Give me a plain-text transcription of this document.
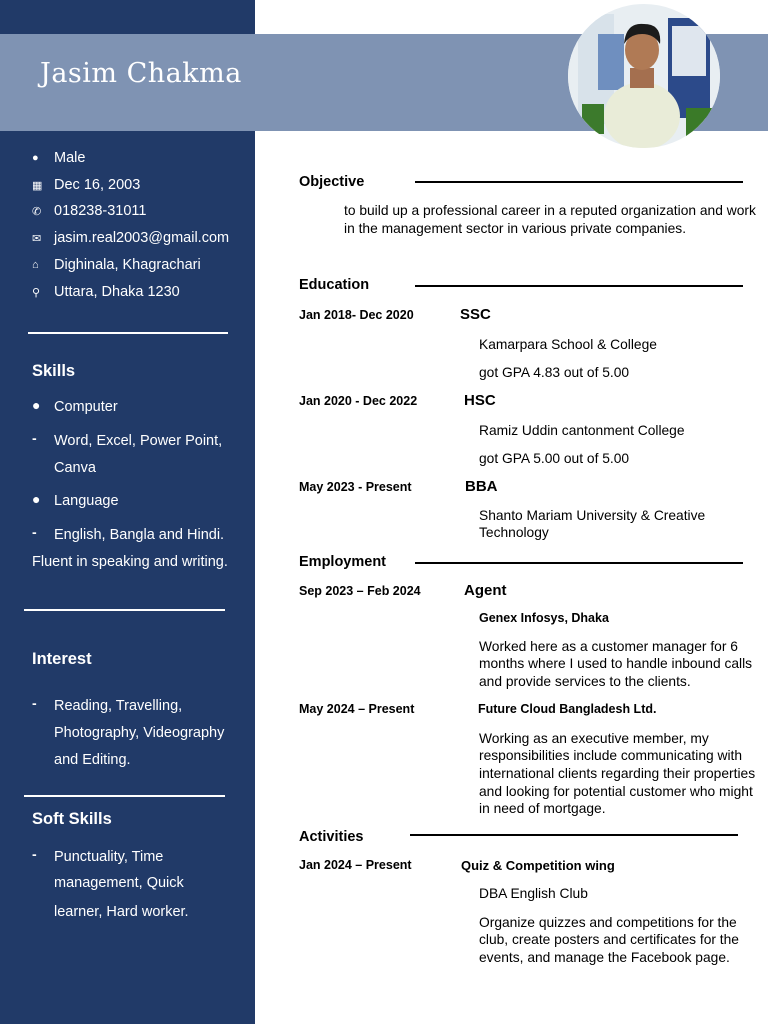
Jasim Chakma
●	Male
▦ Dec 16, 2003
✆ 018238-31011
✉ jasim.real2003@gmail.com
⌂	Dighinala, Khagrachari
⚲ Uttara, Dhaka 1230
Skills
● Computer
- Word, Excel, Power Point,
Canva
● Language
- English, Bangla and Hindi.
Fluent in speaking and writing.
Interest
- Reading, Travelling,
Photography, Videography
and Editing.
Soft Skills
- Punctuality, Time
management, Quick
learner, Hard worker.
Objective
to build up a professional career in a reputed organization and work
in the management sector in various private companies.
Education
Jan 2018- Dec 2020	SSC
Kamarpara School & College
got GPA 4.83 out of 5.00
Jan 2020 - Dec 2022	HSC
Ramiz Uddin cantonment College
got GPA 5.00 out of 5.00
May 2023 - Present	BBA
Shanto Mariam University & Creative
Technology
Employment
Sep 2023 – Feb 2024	Agent
Genex Infosys, Dhaka
Worked here as a customer manager for 6
months where I used to handle inbound calls
and provide services to the clients.
May 2024 – Present	Future Cloud Bangladesh Ltd.
Working as an executive member, my
responsibilities include communicating with
international clients regarding their properties
and looking for potential customer who might
in need of mortgage.
Activities
Jan 2024 – Present	Quiz & Competition wing
DBA English Club
Organize quizzes and competitions for the
club, create posters and certificates for the
events, and manage the Facebook page.
